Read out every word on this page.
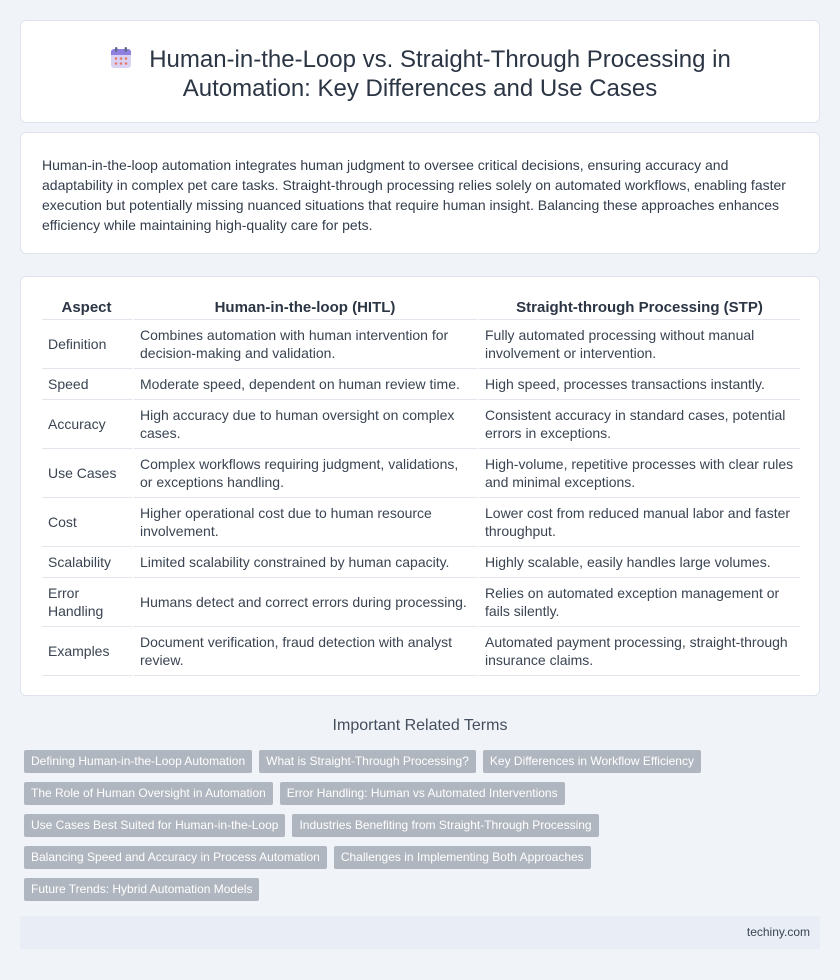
Human-in-the-Loop vs. Straight-Through Processing in
Automation: Key Differences and Use Cases

Human-in-the-loop automation integrates human judgment to oversee critical decisions, ensuring accuracy and adaptability in complex pet care tasks. Straight-through processing relies solely on automated workflows, enabling faster execution but potentially missing nuanced situations that require human insight. Balancing these approaches enhances efficiency while maintaining high-quality care for pets.

Aspect	Human-in-the-loop (HITL)	Straight-through Processing (STP)
Definition	Combines automation with human intervention for decision-making and validation.	Fully automated processing without manual involvement or intervention.
Speed	Moderate speed, dependent on human review time.	High speed, processes transactions instantly.
Accuracy	High accuracy due to human oversight on complex cases.	Consistent accuracy in standard cases, potential errors in exceptions.
Use Cases	Complex workflows requiring judgment, validations, or exceptions handling.	High-volume, repetitive processes with clear rules and minimal exceptions.
Cost	Higher operational cost due to human resource involvement.	Lower cost from reduced manual labor and faster throughput.
Scalability	Limited scalability constrained by human capacity.	Highly scalable, easily handles large volumes.
Error Handling	Humans detect and correct errors during processing.	Relies on automated exception management or fails silently.
Examples	Document verification, fraud detection with analyst review.	Automated payment processing, straight-through insurance claims.
Important Related Terms
Defining Human-in-the-Loop Automation	What is Straight-Through Processing?	Key Differences in Workflow Efficiency
The Role of Human Oversight in Automation	Error Handling: Human vs Automated Interventions
Use Cases Best Suited for Human-in-the-Loop	Industries Benefiting from Straight-Through Processing
Balancing Speed and Accuracy in Process Automation	Challenges in Implementing Both Approaches
Future Trends: Hybrid Automation Models
techiny.com
